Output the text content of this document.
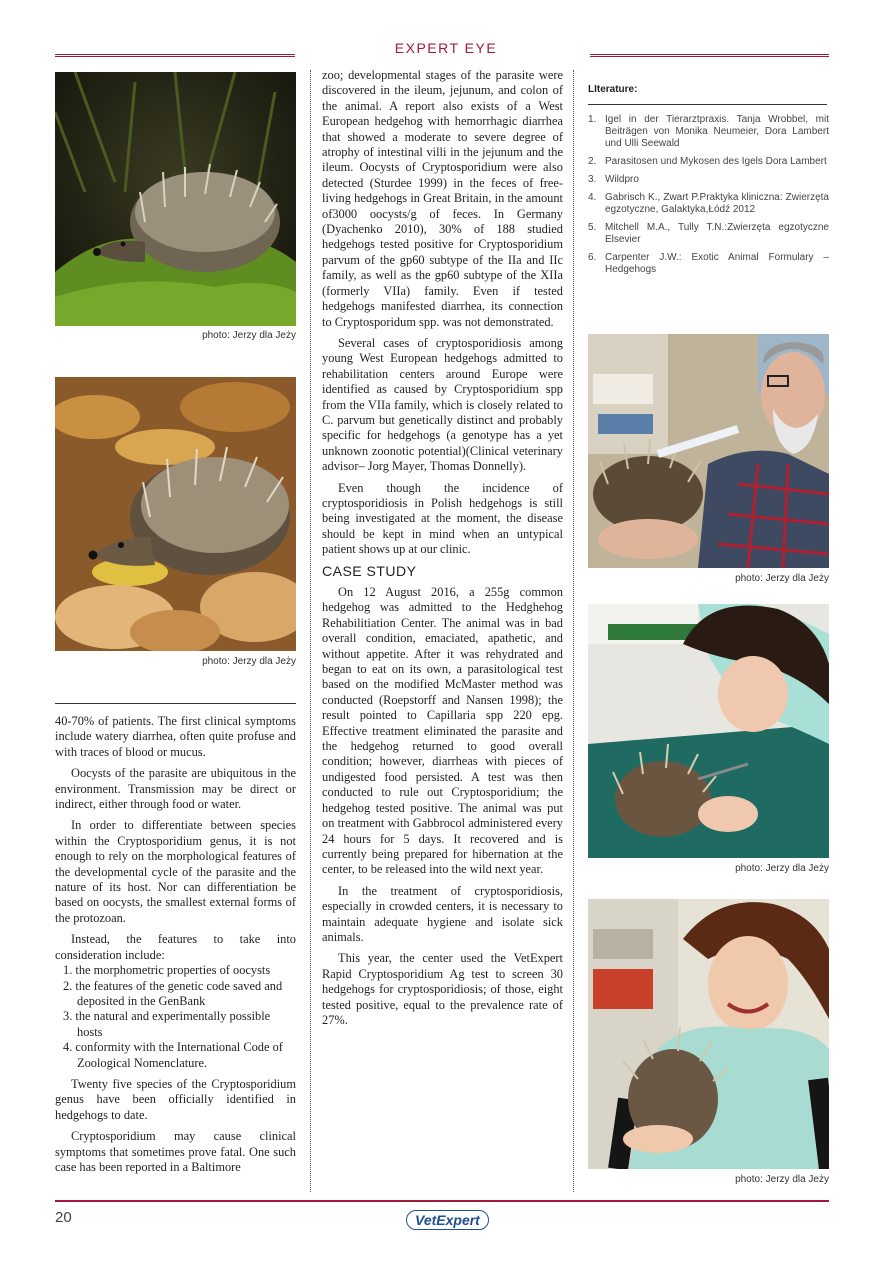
EXPERT EYE
photo: Jerzy dla Jeży
photo: Jerzy dla Jeży

40-70% of patients. The first clinical symptoms include watery diarrhea, often quite profuse and with traces of blood or mucus.

Oocysts of the parasite are ubiquitous in the environment. Transmission may be direct or indirect, either through food or water.

In order to differentiate between species within the Cryptosporidium genus, it is not enough to rely on the morphological features of the developmental cycle of the parasite and the nature of its host. Nor can differentiation be based on oocysts, the smallest external forms of the protozoan.

Instead, the features to take into consideration include:

1. the morphometric properties of oocysts
2. the features of the genetic code saved and deposited in the GenBank
3. the natural and experimentally possible hosts
4. conformity with the International Code of Zoological Nomenclature.

Twenty five species of the Cryptosporidium genus have been officially identified in hedgehogs to date.

Cryptosporidium may cause clinical symptoms that sometimes prove fatal. One such case has been reported in a Baltimore

zoo; developmental stages of the parasite were discovered in the ileum, jejunum, and colon of the animal. A report also exists of a West European hedgehog with hemorrhagic diarrhea that showed a moderate to severe degree of atrophy of intestinal villi in the jejunum and the ileum. Oocysts of Cryptosporidium were also detected (Sturdee 1999) in the feces of free-living hedgehogs in Great Britain, in the amount of3000 oocysts/g of feces. In Germany (Dyachenko 2010), 30% of 188 studied hedgehogs tested positive for Cryptosporidium parvum of the gp60 subtype of the IIa and IIc family, as well as the gp60 subtype of the XIIa (formerly VIIa) family. Even if tested hedgehogs manifested diarrhea, its connection to Cryptosporidum spp. was not demonstrated.

Several cases of cryptosporidiosis among young West European hedgehogs admitted to rehabilitation centers around Europe were identified as caused by Cryptosporidium spp from the VIIa family, which is closely related to C. parvum but genetically distinct and probably specific for hedgehogs (a genotype has a yet unknown zoonotic potential)(Clinical veterinary advisor– Jorg Mayer, Thomas Donnelly).

Even though the incidence of cryptosporidiosis in Polish hedgehogs is still being investigated at the moment, the disease should be kept in mind when an untypical patient shows up at our clinic.

CASE STUDY

On 12 August 2016, a 255g common hedgehog was admitted to the Hedghehog Rehabilitiation Center. The animal was in bad overall condition, emaciated, apathetic, and without appetite. After it was rehydrated and began to eat on its own, a parasitological test based on the modified McMaster method was conducted (Roepstorff and Nansen 1998); the result pointed to Capillaria spp 220 epg. Effective treatment eliminated the parasite and the hedgehog returned to good overall condition; however, diarrheas with pieces of undigested food persisted. A test was then conducted to rule out Cryptosporidium; the hedgehog tested positive. The animal was put on treatment with Gabbrocol administered every 24 hours for 5 days. It recovered and is currently being prepared for hibernation at the center, to be released into the wild next year.

In the treatment of cryptosporidiosis, especially in crowded centers, it is necessary to maintain adequate hygiene and isolate sick animals.

This year, the center used the VetExpert Rapid Cryptosporidium Ag test to screen 30 hedgehogs for cryptosporidiosis; of those, eight tested positive, equal to the prevalence rate of 27%.

LIterature:
1. Igel in der Tierarztpraxis. Tanja Wrobbel, mit Beiträgen von Monika Neumeier, Dora Lambert und Ulli Seewald
2. Parasitosen und Mykosen des Igels Dora Lambert
3. Wildpro
4. Gabrisch K., Zwart P.Praktyka kliniczna: Zwierzęta egzotyczne, Galaktyka,Łódź 2012
5. Mitchell M.A., Tully T.N.:Zwierzęta egzotyczne Elsevier
6. Carpenter J.W.: Exotic Animal Formulary – Hedgehogs
photo: Jerzy dla Jeży
photo: Jerzy dla Jeży
photo: Jerzy dla Jeży
20	VetExpert
